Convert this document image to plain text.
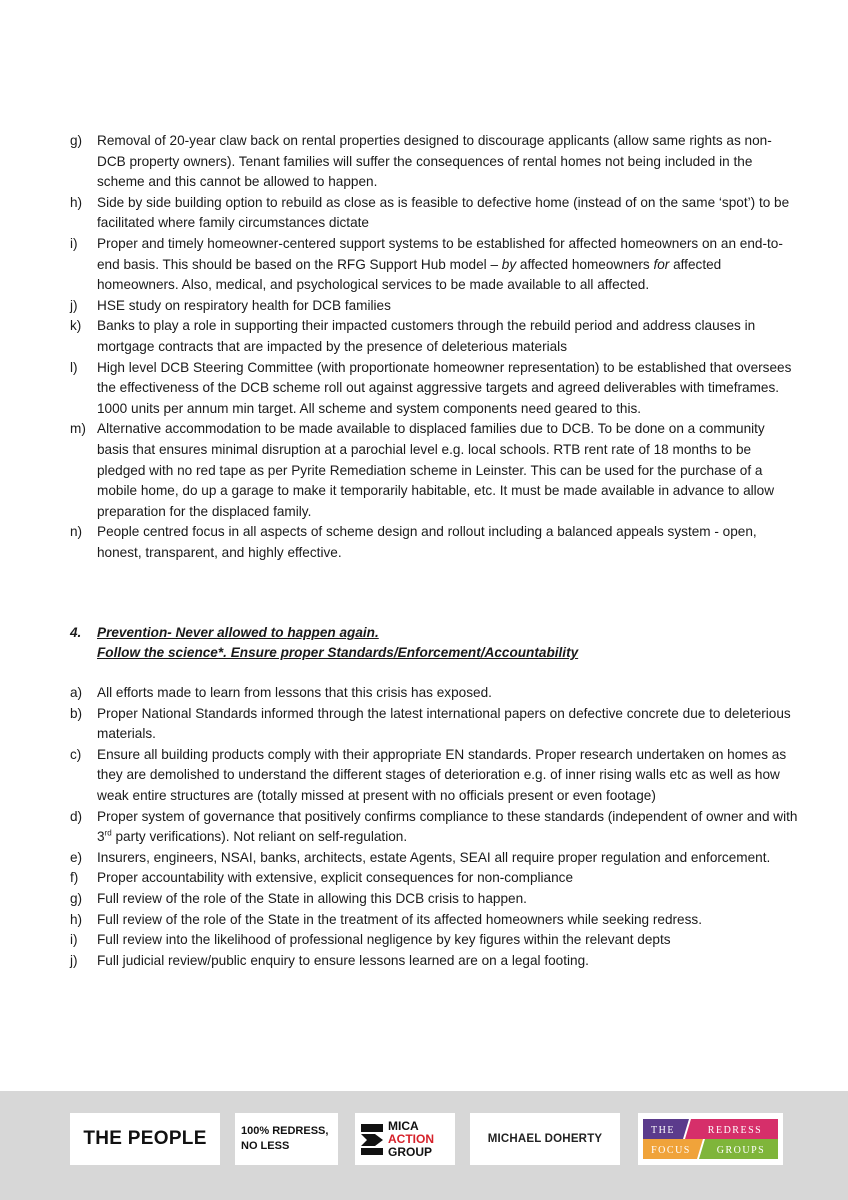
g) Removal of 20-year claw back on rental properties designed to discourage applicants (allow same rights as non-DCB property owners). Tenant families will suffer the consequences of rental homes not being included in the scheme and this cannot be allowed to happen.
h) Side by side building option to rebuild as close as is feasible to defective home (instead of on the same ‘spot’) to be facilitated where family circumstances dictate
i) Proper and timely homeowner-centered support systems to be established for affected homeowners on an end-to-end basis. This should be based on the RFG Support Hub model – by affected homeowners for affected homeowners. Also, medical, and psychological services to be made available to all affected.
j) HSE study on respiratory health for DCB families
k) Banks to play a role in supporting their impacted customers through the rebuild period and address clauses in mortgage contracts that are impacted by the presence of deleterious materials
l) High level DCB Steering Committee (with proportionate homeowner representation) to be established that oversees the effectiveness of the DCB scheme roll out against aggressive targets and agreed deliverables with timeframes. 1000 units per annum min target. All scheme and system components need geared to this.
m) Alternative accommodation to be made available to displaced families due to DCB. To be done on a community basis that ensures minimal disruption at a parochial level e.g. local schools. RTB rent rate of 18 months to be pledged with no red tape as per Pyrite Remediation scheme in Leinster. This can be used for the purchase of a mobile home, do up a garage to make it temporarily habitable, etc. It must be made available in advance to allow preparation for the displaced family.
n) People centred focus in all aspects of scheme design and rollout including a balanced appeals system - open, honest, transparent, and highly effective.
4. Prevention- Never allowed to happen again.
Follow the science*. Ensure proper Standards/Enforcement/Accountability
a) All efforts made to learn from lessons that this crisis has exposed.
b) Proper National Standards informed through the latest international papers on defective concrete due to deleterious materials.
c) Ensure all building products comply with their appropriate EN standards. Proper research undertaken on homes as they are demolished to understand the different stages of deterioration e.g. of inner rising walls etc as well as how weak entire structures are (totally missed at present with no officials present or even footage)
d) Proper system of governance that positively confirms compliance to these standards (independent of owner and with 3rd party verifications). Not reliant on self-regulation.
e) Insurers, engineers, NSAI, banks, architects, estate Agents, SEAI all require proper regulation and enforcement.
f) Proper accountability with extensive, explicit consequences for non-compliance
g) Full review of the role of the State in allowing this DCB crisis to happen.
h) Full review of the role of the State in the treatment of its affected homeowners while seeking redress.
i) Full review into the likelihood of professional negligence by key figures within the relevant depts
j) Full judicial review/public enquiry to ensure lessons learned are on a legal footing.
THE PEOPLE	100% REDRESS,
NO LESS
MICA
ACTION
GROUP
MICHAEL DOHERTY
THE	REDRESS
FOCUS	GROUPS
